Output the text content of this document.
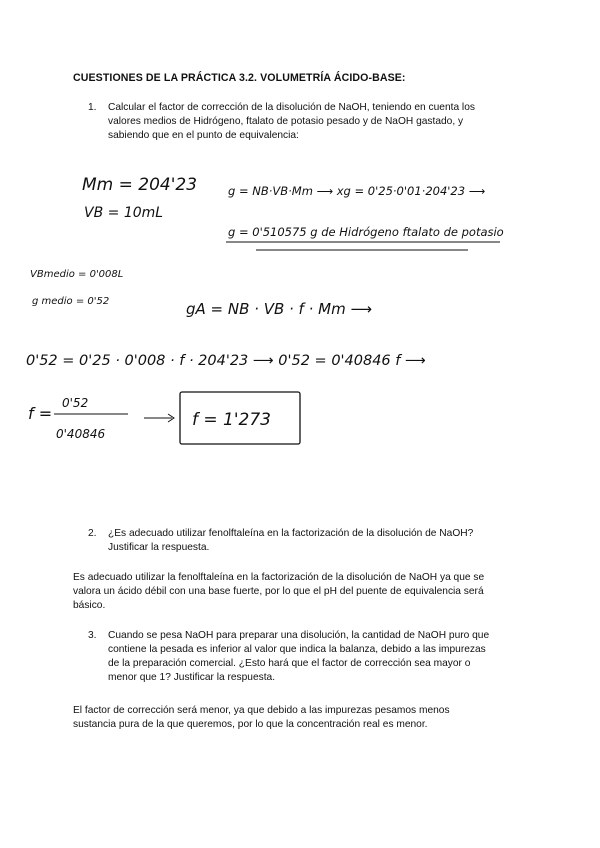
CUESTIONES DE LA PRÁCTICA 3.2. VOLUMETRÍA ÁCIDO-BASE:
1. Calcular el factor de corrección de la disolución de NaOH, teniendo en cuenta los
valores medios de Hidrógeno, ftalato de potasio pesado y de NaOH gastado, y
sabiendo que en el punto de equivalencia:
Mm = 204'23
VB = 10mL
g = NB·VB·Mm ⟶ xg = 0'25·0'01·204'23 ⟶
g = 0'510575 g de Hidrógeno ftalato de potasio
VBmedio = 0'008L
g medio = 0'52	gA = NB · VB · f · Mm ⟶
0'52 = 0'25 · 0'008 · f · 204'23 ⟶ 0'52 = 0'40846 f ⟶
f =
0'52
0'40846
f = 1'273
2. ¿Es adecuado utilizar fenolftaleína en la factorización de la disolución de NaOH?
Justificar la respuesta.
Es adecuado utilizar la fenolftaleína en la factorización de la disolución de NaOH ya que se
valora un ácido débil con una base fuerte, por lo que el pH del puente de equivalencia será
básico.
3. Cuando se pesa NaOH para preparar una disolución, la cantidad de NaOH puro que
contiene la pesada es inferior al valor que indica la balanza, debido a las impurezas
de la preparación comercial. ¿Esto hará que el factor de corrección sea mayor o
menor que 1? Justificar la respuesta.
El factor de corrección será menor, ya que debido a las impurezas pesamos menos
sustancia pura de la que queremos, por lo que la concentración real es menor.
